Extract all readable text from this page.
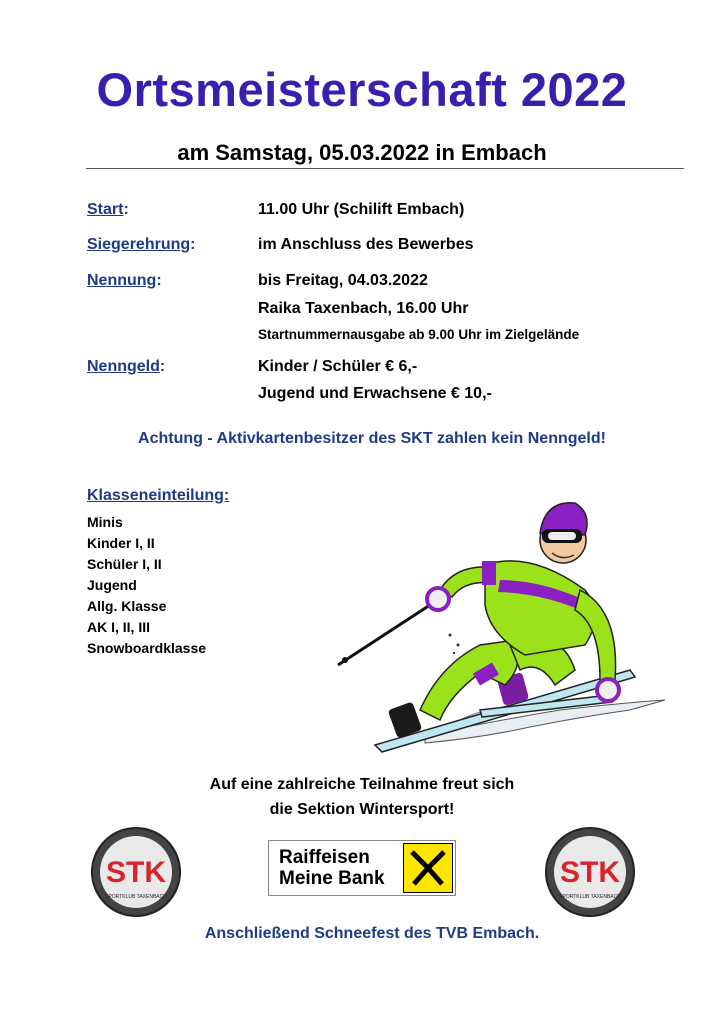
Ortsmeisterschaft 2022
am Samstag, 05.03.2022 in Embach
Start:	11.00 Uhr (Schilift Embach)
Siegerehrung:	im Anschluss des Bewerbes
Nennung:	bis Freitag, 04.03.2022
Raika Taxenbach, 16.00 Uhr
Startnummernausgabe ab 9.00 Uhr im Zielgelände
Nenngeld:	Kinder / Schüler € 6,-
Jugend und Erwachsene € 10,-
Achtung - Aktivkartenbesitzer des SKT zahlen kein Nenngeld!
Klasseneinteilung:
Minis
Kinder I, II
Schüler I, II
Jugend
Allg. Klasse
AK I, II, III
Snowboardklasse
Auf eine zahlreiche Teilnahme freut sich
die Sektion Wintersport!
STK
SPORTKLUB TAXENBACH
Raiffeisen
Meine Bank	STK
SPORTKLUB TAXENBACH
Anschließend Schneefest des TVB Embach.
